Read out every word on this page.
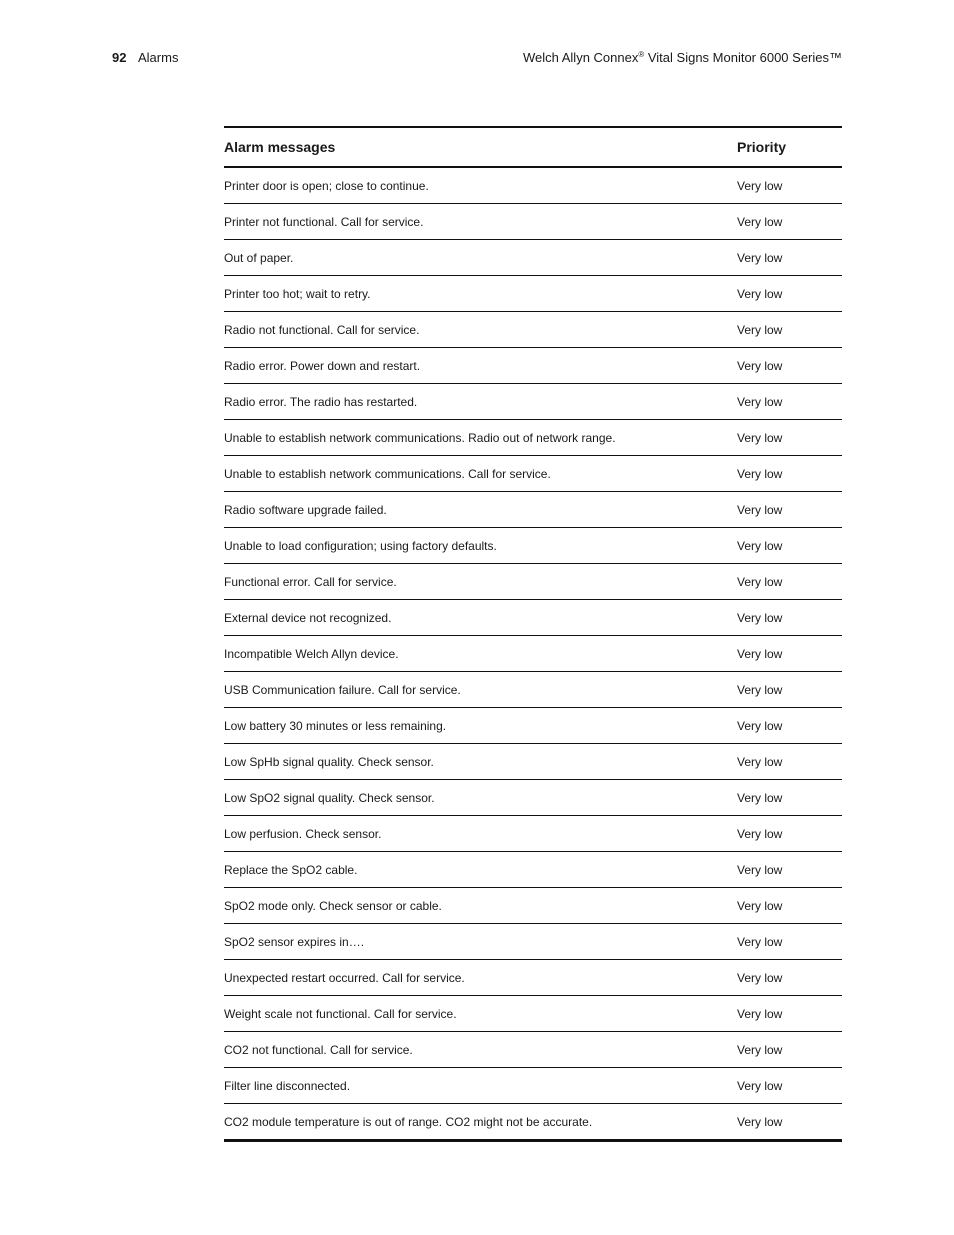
92 Alarms	Welch Allyn Connex® Vital Signs Monitor 6000 Series™
Alarm messages	Priority
Printer door is open; close to continue.	Very low
Printer not functional. Call for service.	Very low
Out of paper.	Very low
Printer too hot; wait to retry.	Very low
Radio not functional. Call for service.	Very low
Radio error. Power down and restart.	Very low
Radio error. The radio has restarted.	Very low
Unable to establish network communications. Radio out of network range.	Very low
Unable to establish network communications. Call for service.	Very low
Radio software upgrade failed.	Very low
Unable to load configuration; using factory defaults.	Very low
Functional error. Call for service.	Very low
External device not recognized.	Very low
Incompatible Welch Allyn device.	Very low
USB Communication failure. Call for service.	Very low
Low battery 30 minutes or less remaining.	Very low
Low SpHb signal quality. Check sensor.	Very low
Low SpO2 signal quality. Check sensor.	Very low
Low perfusion. Check sensor.	Very low
Replace the SpO2 cable.	Very low
SpO2 mode only. Check sensor or cable.	Very low
SpO2 sensor expires in….	Very low
Unexpected restart occurred. Call for service.	Very low
Weight scale not functional. Call for service.	Very low
CO2 not functional. Call for service.	Very low
Filter line disconnected.	Very low
CO2 module temperature is out of range. CO2 might not be accurate.	Very low
